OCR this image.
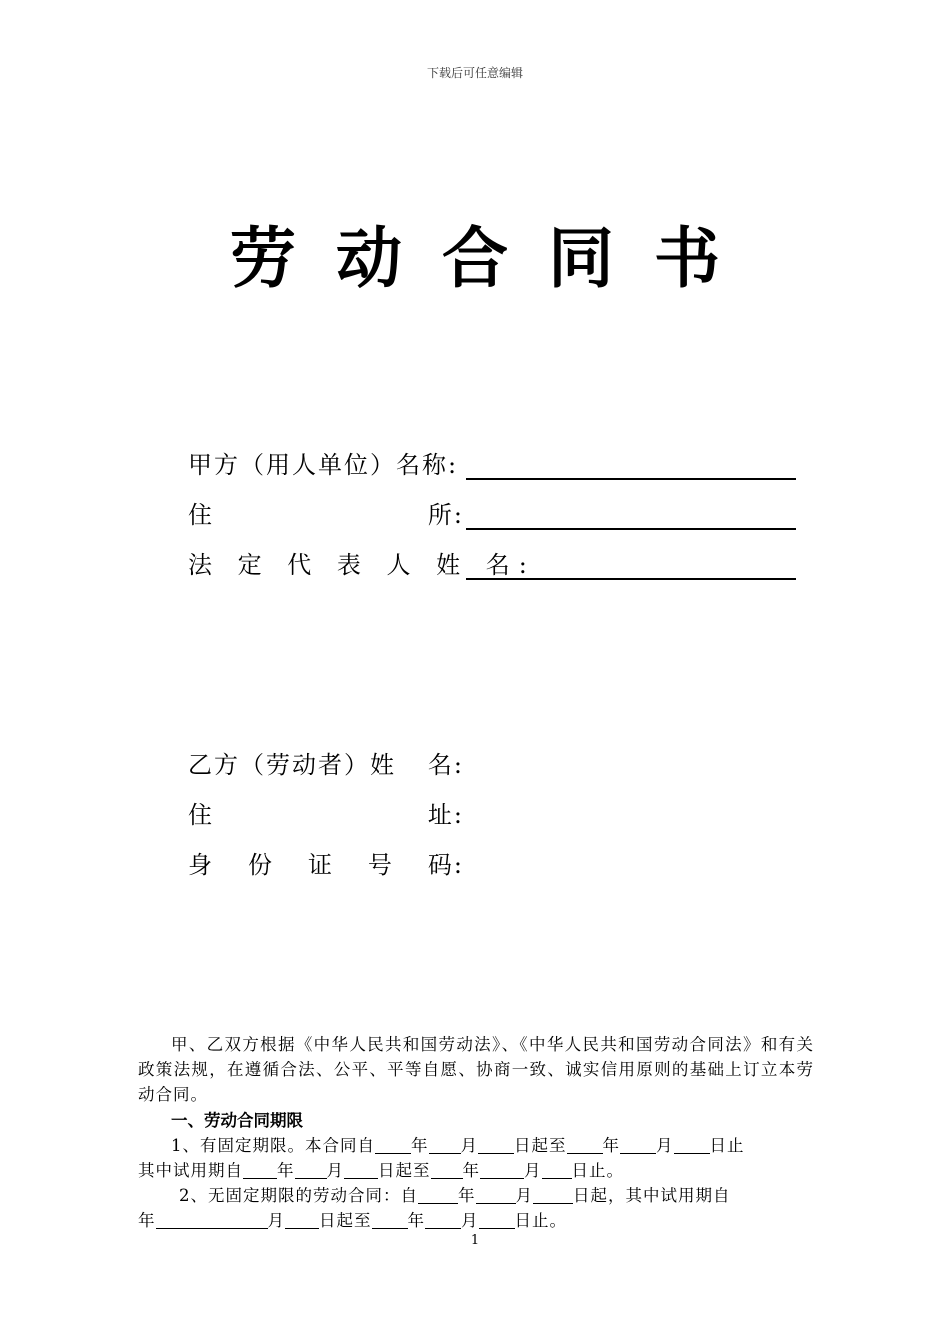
下载后可任意编辑
劳动合同书
甲方（用人单位）名称:
住	所:
法 定 代 表 人 姓 名:
乙方（劳动者）姓 名:
住	址:
身 份 证 号 码:
甲、乙双方根据《中华人民共和国劳动法》、《中华人民共和国劳动合同法》和有关政策法规，在遵循合法、公平、平等自愿、协商一致、诚实信用原则的基础上订立本劳动合同。
一、劳动合同期限
1、有固定期限。本合同自 年 月 日起至 年 月 日止
其中试用期自 年 月 日起至 年	月 日止。
2、无固定期限的劳动合同：自 年 月 日起，其中试用期自
年	月 日起至 年 月 日止。
1
